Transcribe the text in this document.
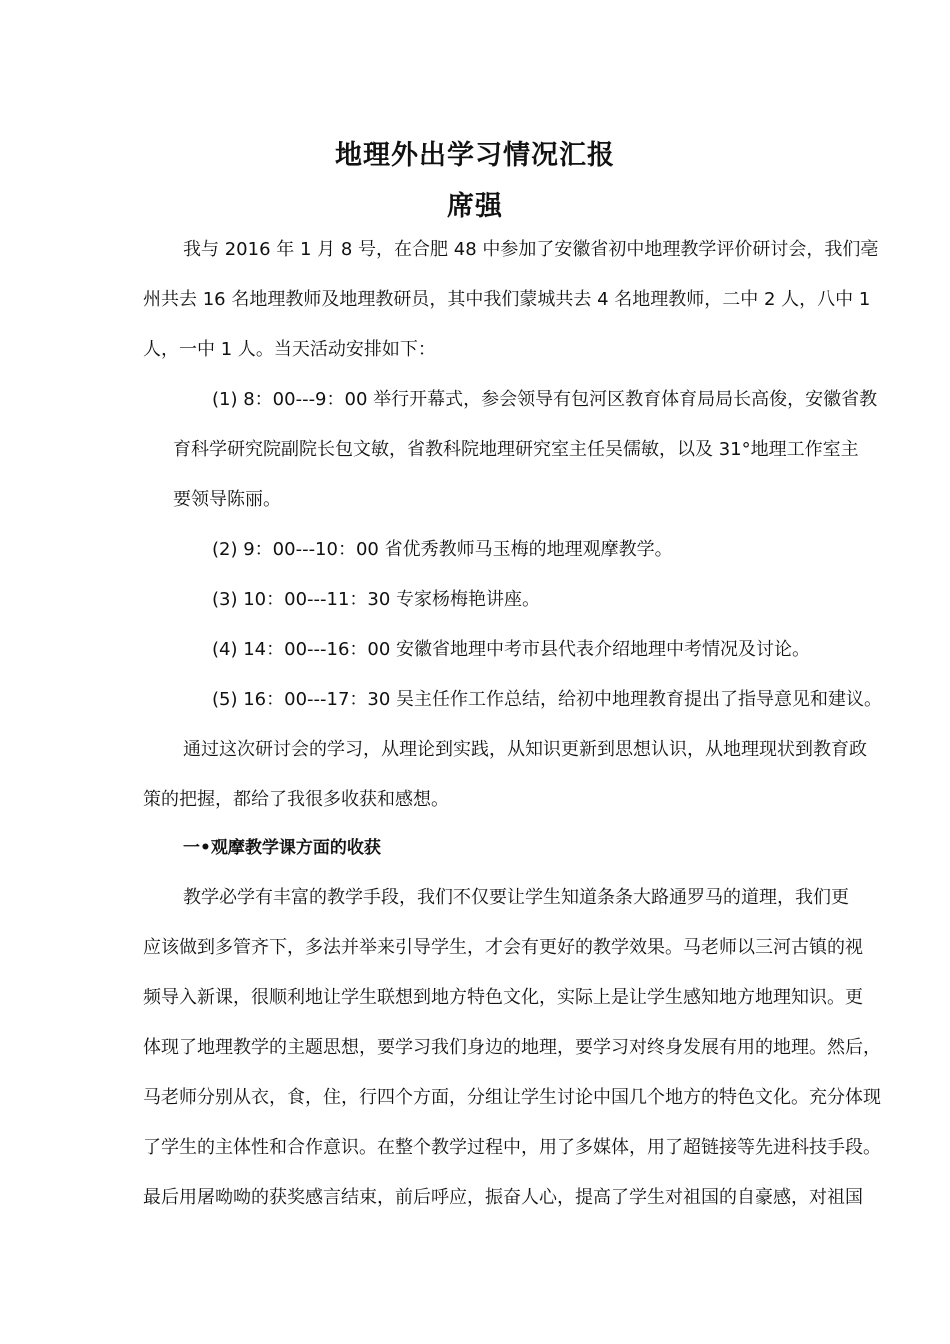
地理外出学习情况汇报
席强
我与 2016 年 1 月 8 号，在合肥 48 中参加了安徽省初中地理教学评价研讨会，我们亳
州共去 16 名地理教师及地理教研员，其中我们蒙城共去 4 名地理教师，二中 2 人，八中 1
人，一中 1 人。当天活动安排如下：
(1) 8：00---9：00 举行开幕式，参会领导有包河区教育体育局局长高俊，安徽省教
育科学研究院副院长包文敏，省教科院地理研究室主任吴儒敏，以及 31°地理工作室主
要领导陈丽。
(2) 9：00---10：00 省优秀教师马玉梅的地理观摩教学。
(3) 10：00---11：30 专家杨梅艳讲座。
(4) 14：00---16：00 安徽省地理中考市县代表介绍地理中考情况及讨论。
(5) 16：00---17：30 吴主任作工作总结，给初中地理教育提出了指导意见和建议。
通过这次研讨会的学习，从理论到实践，从知识更新到思想认识，从地理现状到教育政
策的把握，都给了我很多收获和感想。
一•观摩教学课方面的收获
教学必学有丰富的教学手段，我们不仅要让学生知道条条大路通罗马的道理，我们更
应该做到多管齐下，多法并举来引导学生，才会有更好的教学效果。马老师以三河古镇的视
频导入新课，很顺利地让学生联想到地方特色文化，实际上是让学生感知地方地理知识。更
体现了地理教学的主题思想，要学习我们身边的地理，要学习对终身发展有用的地理。然后，
马老师分别从衣，食，住，行四个方面，分组让学生讨论中国几个地方的特色文化。充分体现
了学生的主体性和合作意识。在整个教学过程中，用了多媒体，用了超链接等先进科技手段。
最后用屠呦呦的获奖感言结束，前后呼应，振奋人心，提高了学生对祖国的自豪感，对祖国
